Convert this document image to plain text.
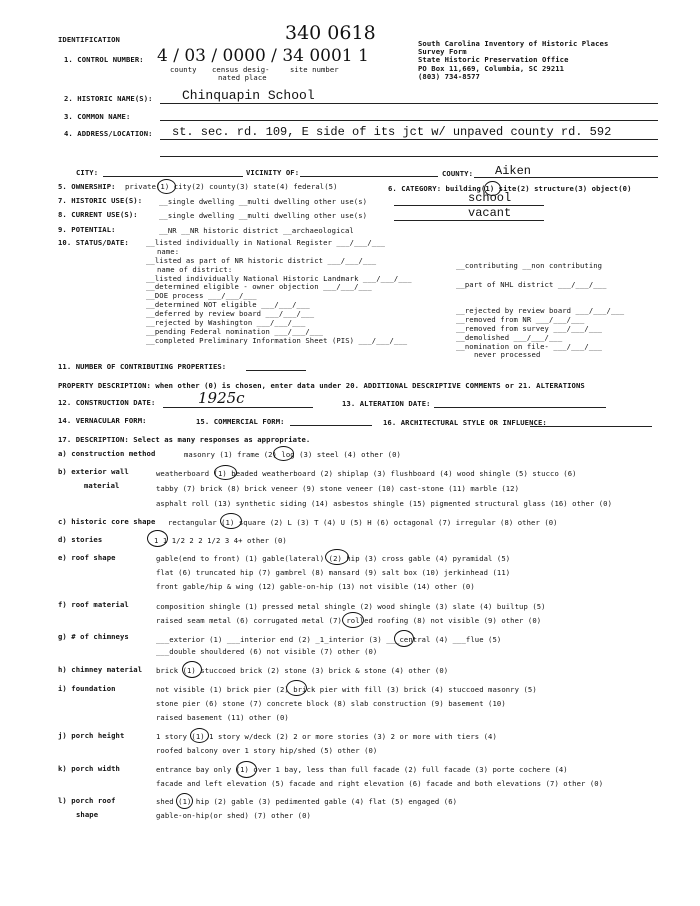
IDENTIFICATION	340 0618	South Carolina Inventory of Historic Places
Survey Form
State Historic Preservation Office
PO Box 11,669, Columbia, SC 29211
(803) 734-8577
1. CONTROL NUMBER: 4 / 03 / 0000 / 34 0001 1
county census desig-
nated place
site number
2. HISTORIC NAME(S): Chinquapin School
3. COMMON NAME:
4. ADDRESS/LOCATION: st. sec. rd. 109, E side of its jct w/ unpaved county rd. 592
CITY:	VICINITY OF:	COUNTY: Aiken
5. OWNERSHIP: private(1) city(2) county(3) state(4) federal(5)	6. CATEGORY: building(1) site(2) structure(3) object(0)
7. HISTORIC USE(S): __single dwelling __multi dwelling other use(s)	school
8. CURRENT USE(S):	__single dwelling __multi dwelling other use(s)	vacant
9. POTENTIAL:	__NR __NR historic district __archaeological
10. STATUS/DATE: __listed individually in National Register ___/___/___
name:
__listed as part of NR historic district ___/___/___
name of district:
__listed individually National Historic Landmark ___/___/___
__determined eligible - owner objection ___/___/___
__DOE process ___/___/___
__determined NOT eligible ___/___/___
__deferred by review board ___/___/___
__rejected by Washington ___/___/___
__pending Federal nomination ___/___/___
__completed Preliminary Information Sheet (PIS) ___/___/___
__contributing __non contributing
__part of NHL district ___/___/___
__rejected by review board ___/___/___
__removed from NR ___/___/___
__removed from survey ___/___/___
__demolished ___/___/___
__nomination on file- ___/___/___
never processed
11. NUMBER OF CONTRIBUTING PROPERTIES:
PROPERTY DESCRIPTION: when other (0) is chosen, enter data under 20. ADDITIONAL DESCRIPTIVE COMMENTS or 21. ALTERATIONS
12. CONSTRUCTION DATE:	1925c	13. ALTERATION DATE:
14. VERNACULAR FORM:	15. COMMERCIAL FORM:	16. ARCHITECTURAL STYLE OR INFLUENCE:
17. DESCRIPTION: Select as many responses as appropriate.
a) construction method	masonry (1) frame (2) log (3) steel (4) other (0)
b) exterior wall
material
weatherboard (1) beaded weatherboard (2) shiplap (3) flushboard (4) wood shingle (5) stucco (6)
tabby (7) brick (8) brick veneer (9) stone veneer (10) cast-stone (11) marble (12)
asphalt roll (13) synthetic siding (14) asbestos shingle (15) pigmented structural glass (16) other (0)
c) historic core shape rectangular (1) square (2) L (3) T (4) U (5) H (6) octagonal (7) irregular (8) other (0)
d) stories	1 1 1/2 2 2 1/2 3 4+ other (0)
e) roof shape	gable(end to front) (1) gable(lateral) (2) hip (3) cross gable (4) pyramidal (5)
flat (6) truncated hip (7) gambrel (8) mansard (9) salt box (10) jerkinhead (11)
front gable/hip & wing (12) gable-on-hip (13) not visible (14) other (0)
f) roof material	composition shingle (1) pressed metal shingle (2) wood shingle (3) slate (4) builtup (5)
raised seam metal (6) corrugated metal (7) rolled roofing (8) not visible (9) other (0)
g) # of chimneys	___exterior (1) ___interior end (2) _1_interior (3) ___central (4) ___flue (5)
___double shouldered (6) not visible (7) other (0)
h) chimney material brick (1) stuccoed brick (2) stone (3) brick & stone (4) other (0)
i) foundation	not visible (1) brick pier (2) brick pier with fill (3) brick (4) stuccoed masonry (5)
stone pier (6) stone (7) concrete block (8) slab construction (9) basement (10)
raised basement (11) other (0)
j) porch height	1 story (1) 1 story w/deck (2) 2 or more stories (3) 2 or more with tiers (4)
roofed balcony over 1 story hip/shed (5) other (0)
k) porch width	entrance bay only (1) over 1 bay, less than full facade (2) full facade (3) porte cochere (4)
facade and left elevation (5) facade and right elevation (6) facade and both elevations (7) other (0)
l) porch roof
shape
shed (1) hip (2) gable (3) pedimented gable (4) flat (5) engaged (6)
gable-on-hip(or shed) (7) other (0)
